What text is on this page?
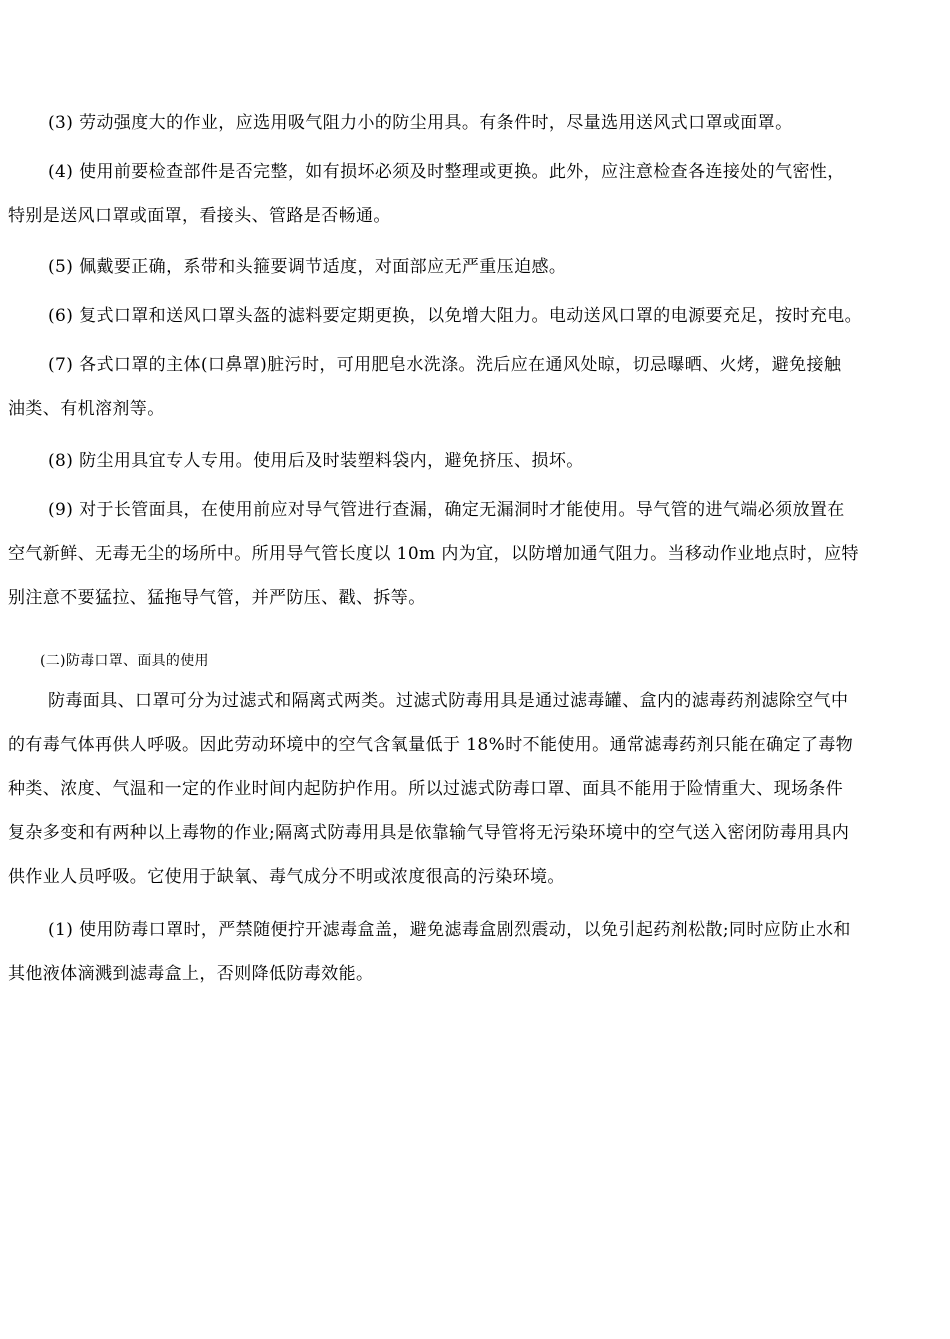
(3) 劳动强度大的作业，应选用吸气阻力小的防尘用具。有条件时，尽量选用送风式口罩或面罩。
(4) 使用前要检查部件是否完整，如有损坏必须及时整理或更换。此外，应注意检查各连接处的气密性，
特别是送风口罩或面罩，看接头、管路是否畅通。
(5) 佩戴要正确，系带和头箍要调节适度，对面部应无严重压迫感。
(6) 复式口罩和送风口罩头盔的滤料要定期更换，以免增大阻力。电动送风口罩的电源要充足，按时充电。
(7) 各式口罩的主体(口鼻罩)脏污时，可用肥皂水洗涤。洗后应在通风处晾，切忌曝晒、火烤，避免接触
油类、有机溶剂等。
(8) 防尘用具宜专人专用。使用后及时装塑料袋内，避免挤压、损坏。
(9) 对于长管面具，在使用前应对导气管进行查漏，确定无漏洞时才能使用。导气管的进气端必须放置在
空气新鲜、无毒无尘的场所中。所用导气管长度以 10m 内为宜，以防增加通气阻力。当移动作业地点时，应特
别注意不要猛拉、猛拖导气管，并严防压、戳、拆等。
(二)防毒口罩、面具的使用
防毒面具、口罩可分为过滤式和隔离式两类。过滤式防毒用具是通过滤毒罐、盒内的滤毒药剂滤除空气中
的有毒气体再供人呼吸。因此劳动环境中的空气含氧量低于 18%时不能使用。通常滤毒药剂只能在确定了毒物
种类、浓度、气温和一定的作业时间内起防护作用。所以过滤式防毒口罩、面具不能用于险情重大、现场条件
复杂多变和有两种以上毒物的作业;隔离式防毒用具是依靠输气导管将无污染环境中的空气送入密闭防毒用具内
供作业人员呼吸。它使用于缺氧、毒气成分不明或浓度很高的污染环境。
(1) 使用防毒口罩时，严禁随便拧开滤毒盒盖，避免滤毒盒剧烈震动，以免引起药剂松散;同时应防止水和
其他液体滴溅到滤毒盒上，否则降低防毒效能。
